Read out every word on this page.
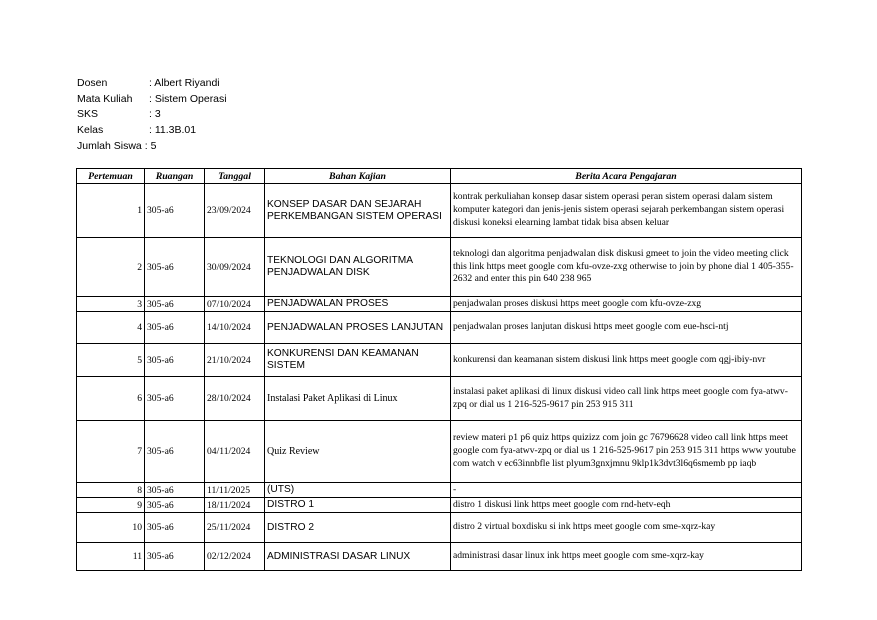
Dosen	: Albert Riyandi
Mata Kuliah	: Sistem Operasi
SKS	: 3
Kelas	: 11.3B.01
Jumlah Siswa : 5
Pertemuan	Ruangan	Tanggal	Bahan Kajian	Berita Acara Pengajaran
1	305-a6	23/09/2024	KONSEP DASAR DAN SEJARAH PERKEMBANGAN SISTEM OPERASI	kontrak perkuliahan konsep dasar sistem operasi peran sistem operasi dalam sistem komputer kategori dan jenis-jenis sistem operasi sejarah perkembangan sistem operasi diskusi koneksi elearning lambat tidak bisa absen keluar
2	305-a6	30/09/2024	TEKNOLOGI DAN ALGORITMA PENJADWALAN DISK	teknologi dan algoritma penjadwalan disk diskusi gmeet to join the video meeting click this link https meet google com kfu-ovze-zxg otherwise to join by phone dial 1 405-355-2632 and enter this pin 640 238 965
3	305-a6	07/10/2024	PENJADWALAN PROSES	penjadwalan proses diskusi https meet google com kfu-ovze-zxg
4	305-a6	14/10/2024	PENJADWALAN PROSES LANJUTAN	penjadwalan proses lanjutan diskusi https meet google com eue-hsci-ntj
5	305-a6	21/10/2024	KONKURENSI DAN KEAMANAN SISTEM	konkurensi dan keamanan sistem diskusi link https meet google com qgj-ibiy-nvr
6	305-a6	28/10/2024	Instalasi Paket Aplikasi di Linux	instalasi paket aplikasi di linux diskusi video call link https meet google com fya-atwv-zpq or dial us 1 216-525-9617 pin 253 915 311
7	305-a6	04/11/2024	Quiz Review	review materi p1 p6 quiz https quizizz com join gc 76796628 video call link https meet google com fya-atwv-zpq or dial us 1 216-525-9617 pin 253 915 311 https www youtube com watch v ec63innbfle list plyum3gnxjmnu 9klp1k3dvt3l6q6smemb pp iaqb
8	305-a6	11/11/2025	(UTS)	-
9	305-a6	18/11/2024	DISTRO 1	distro 1 diskusi link https meet google com rnd-hetv-eqh
10	305-a6	25/11/2024	DISTRO 2	distro 2 virtual boxdisku si ink https meet google com sme-xqrz-kay
11	305-a6	02/12/2024	ADMINISTRASI DASAR LINUX	administrasi dasar linux ink https meet google com sme-xqrz-kay
